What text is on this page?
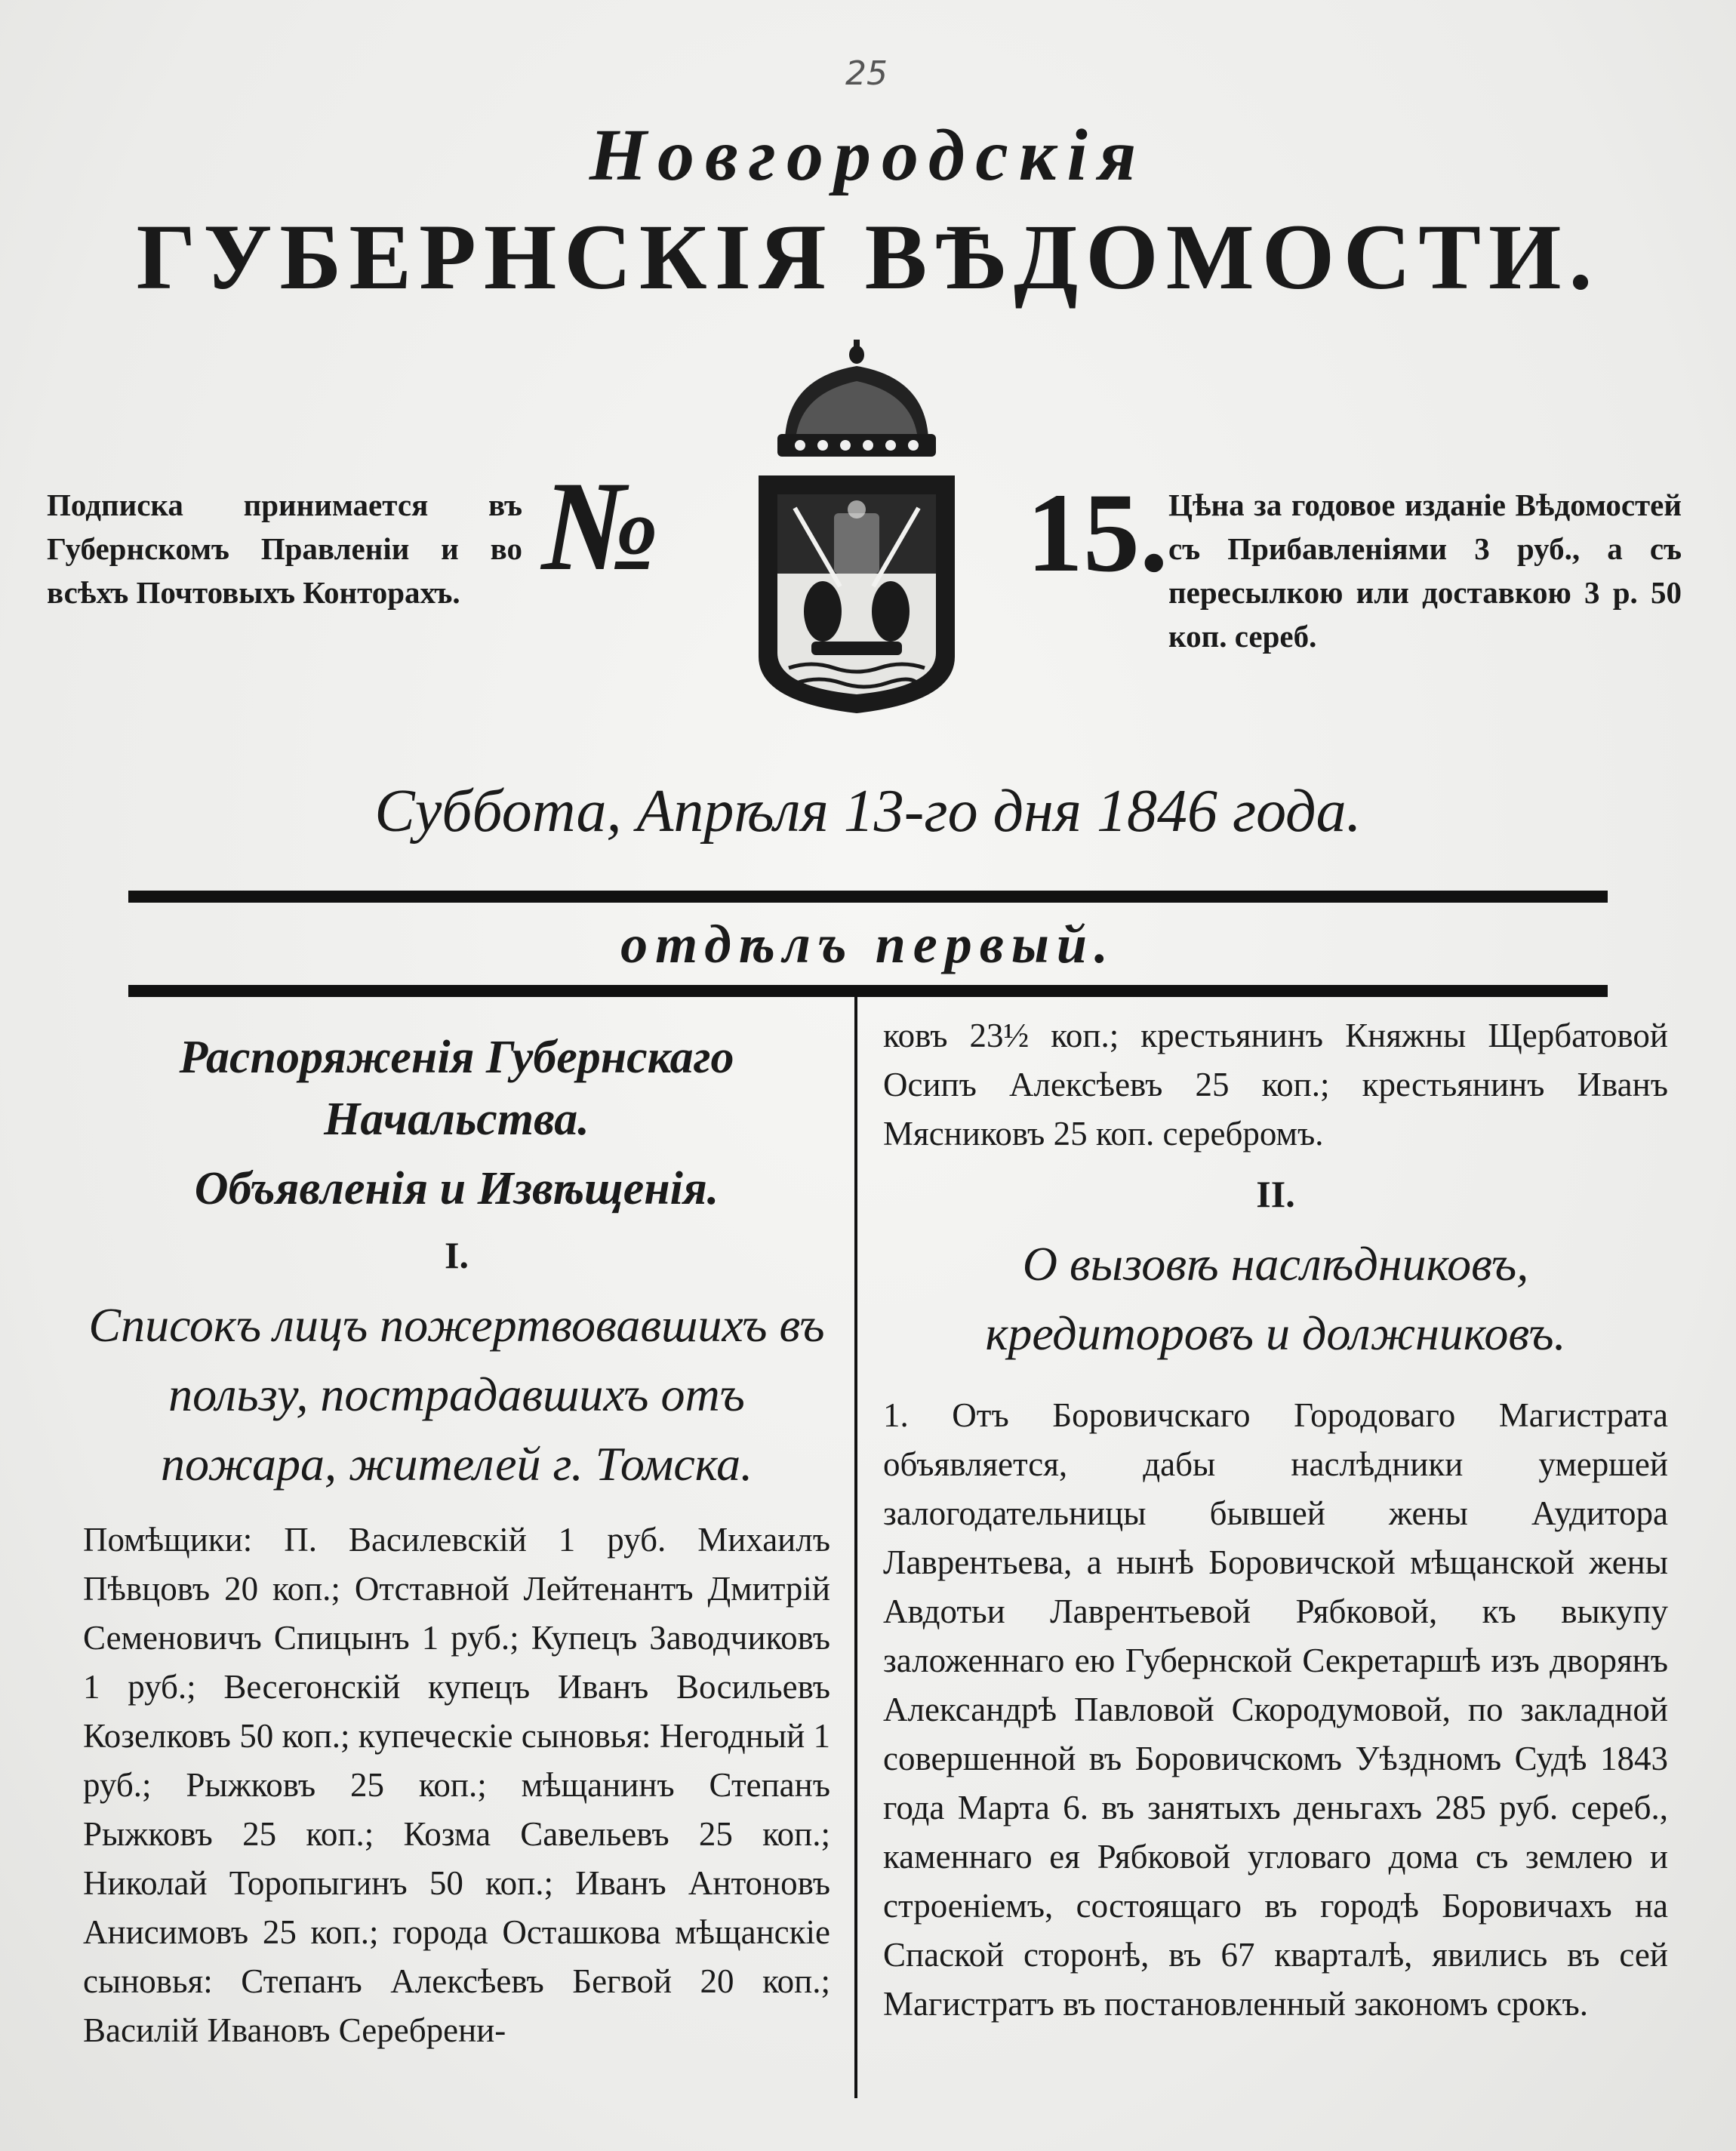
25
Новгородскія
ГУБЕРНСКІЯ ВѢДОМОСТИ.
Подписка принимается въ Губернскомъ Правленіи и во всѣхъ Почтовыхъ Конторахъ. №	15. Цѣна за годовое изданіе Вѣдомостей съ Прибавленіями 3 руб., а съ пересылкою или доставкою 3 р. 50 коп. сереб.
Суббота, Апрѣля 13-го дня 1846 года.
отдѣлъ первый.
Распоряженія Губернскаго Начальства.
Объявленія и Извѣщенія.
I.
Списокъ лицъ пожертвовавшихъ въ пользу, пострадавшихъ отъ пожара, жителей г. Томска.
Помѣщики: П. Василевскій 1 руб. Михаилъ Пѣвцовъ 20 коп.; Отставной Лейтенантъ Дмитрій Семеновичъ Спицынъ 1 руб.; Купецъ Заводчиковъ 1 руб.; Весегонскій купецъ Иванъ Восильевъ Козелковъ 50 коп.; купеческіе сыновья: Негодный 1 руб.; Рыжковъ 25 коп.; мѣщанинъ Степанъ Рыжковъ 25 коп.; Козма Савельевъ 25 коп.; Николай Торопыгинъ 50 коп.; Иванъ Антоновъ Анисимовъ 25 коп.; города Осташкова мѣщанскіе сыновья: Степанъ Алексѣевъ Бегвой 20 коп.; Василій Ивановъ Серебрени-
ковъ 23½ коп.; крестьянинъ Княжны Щербатовой Осипъ Алексѣевъ 25 коп.; крестьянинъ Иванъ Мясниковъ 25 коп. серебромъ.
II.
О вызовѣ наслѣдниковъ, кредиторовъ и должниковъ.
1. Отъ Боровичскаго Городоваго Магистрата объявляется, дабы наслѣдники умершей залогодательницы бывшей жены Аудитора Лаврентьева, а нынѣ Боровичской мѣщанской жены Авдотьи Лаврентьевой Рябковой, къ выкупу заложеннаго ею Губернской Секретаршѣ изъ дворянъ Александрѣ Павловой Скородумовой, по закладной совершенной въ Боровичскомъ Уѣздномъ Судѣ 1843 года Марта 6. въ занятыхъ деньгахъ 285 руб. сереб., каменнаго ея Рябковой угловаго дома съ землею и строеніемъ, состоящаго въ городѣ Боровичахъ на Спаской сторонѣ, въ 67 кварталѣ, явились въ сей Магистратъ въ постановленный закономъ срокъ.
